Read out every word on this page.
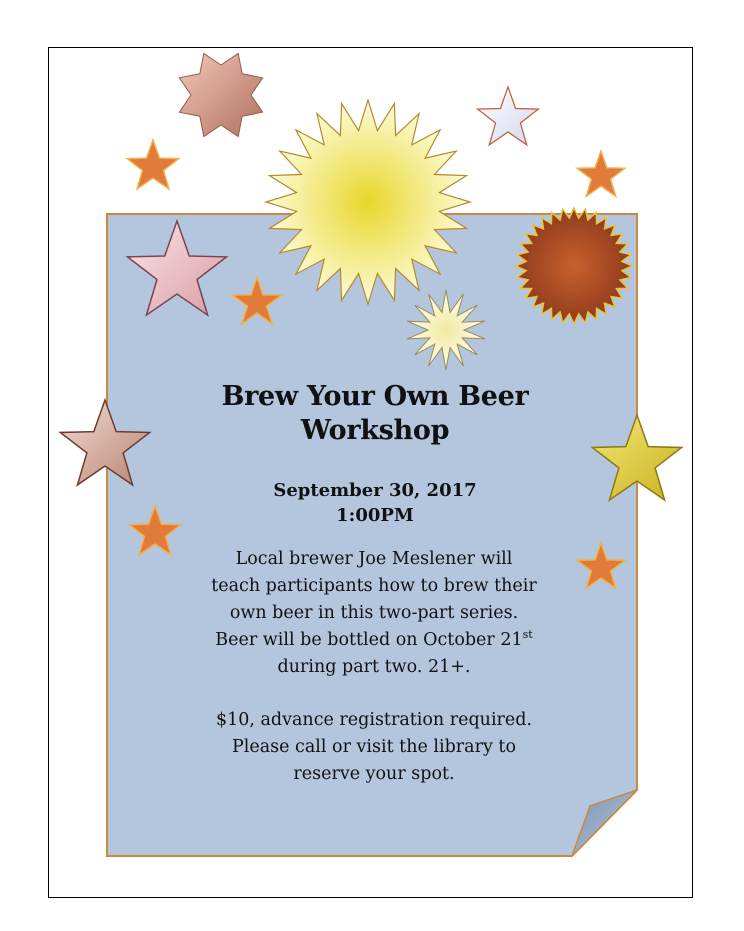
Brew Your Own Beer
Workshop
September 30, 2017
1:00PM
Local brewer Joe Meslener will
teach participants how to brew their
own beer in this two-part series.
Beer will be bottled on October 21st
during part two. 21+.
$10, advance registration required.
Please call or visit the library to
reserve your spot.
